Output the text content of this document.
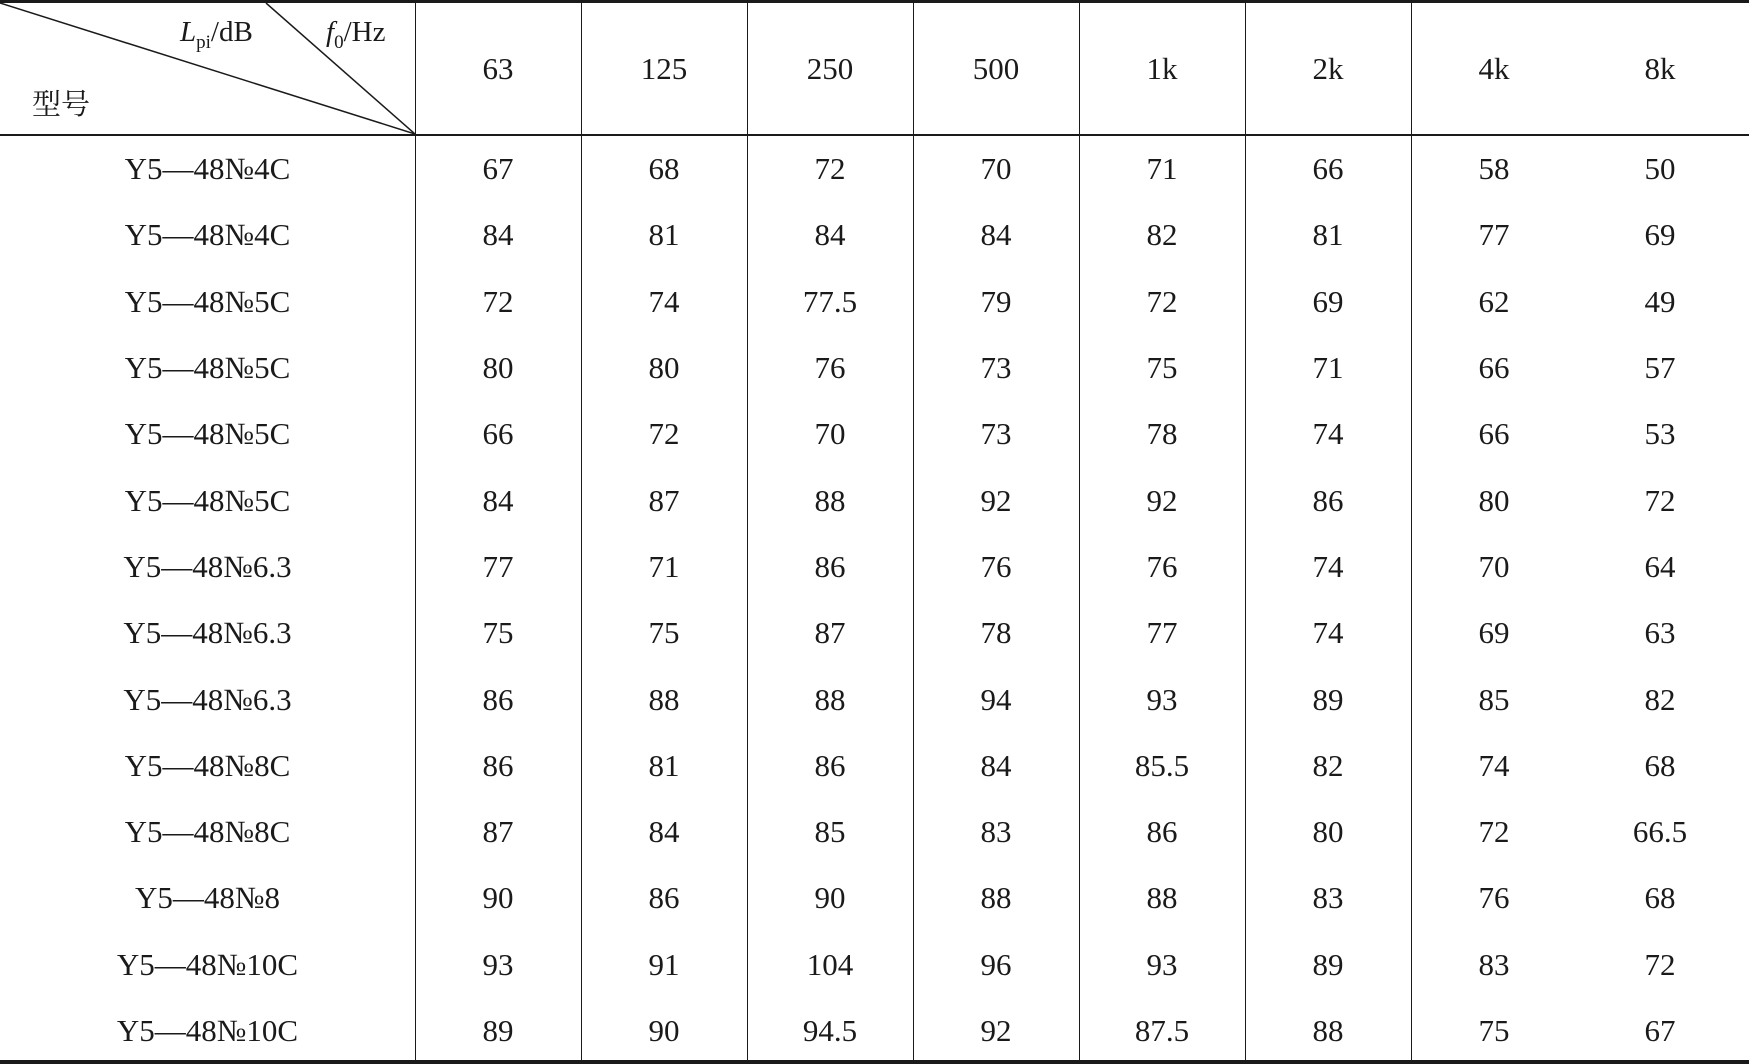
$L_{pi}/dB$	$f_0/Hz$
型号
63	125	250	500	1k	2k	4k	8k
Y5—48№4C	67	68	72	70	71	66	58	50
Y5—48№4C	84	81	84	84	82	81	77	69
Y5—48№5C	72	74	77.5	79	72	69	62	49
Y5—48№5C	80	80	76	73	75	71	66	57
Y5—48№5C	66	72	70	73	78	74	66	53
Y5—48№5C	84	87	88	92	92	86	80	72
Y5—48№6.3	77	71	86	76	76	74	70	64
Y5—48№6.3	75	75	87	78	77	74	69	63
Y5—48№6.3	86	88	88	94	93	89	85	82
Y5—48№8C	86	81	86	84	85.5	82	74	68
Y5—48№8C	87	84	85	83	86	80	72	66.5
Y5—48№8	90	86	90	88	88	83	76	68
Y5—48№10C	93	91	104	96	93	89	83	72
Y5—48№10C	89	90	94.5	92	87.5	88	75	67
